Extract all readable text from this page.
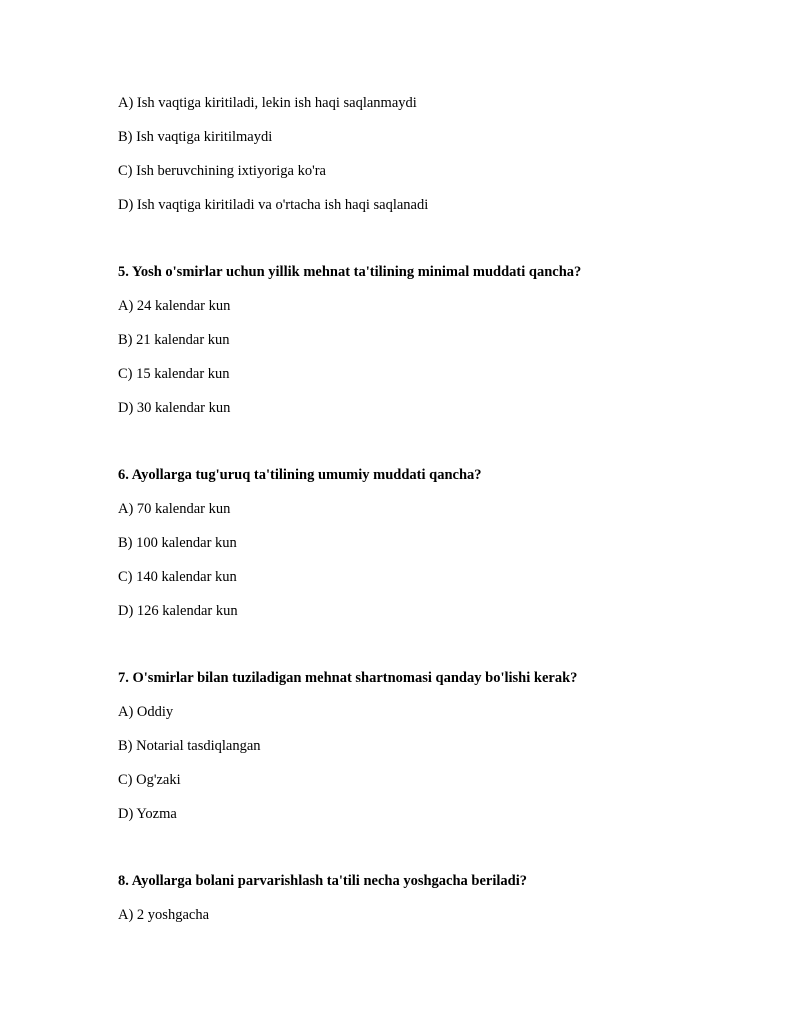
A) Ish vaqtiga kiritiladi, lekin ish haqi saqlanmaydi
B) Ish vaqtiga kiritilmaydi
C) Ish beruvchining ixtiyoriga ko'ra
D) Ish vaqtiga kiritiladi va o'rtacha ish haqi saqlanadi
5. Yosh o'smirlar uchun yillik mehnat ta'tilining minimal muddati qancha?
A) 24 kalendar kun
B) 21 kalendar kun
C) 15 kalendar kun
D) 30 kalendar kun
6. Ayollarga tug'uruq ta'tilining umumiy muddati qancha?
A) 70 kalendar kun
B) 100 kalendar kun
C) 140 kalendar kun
D) 126 kalendar kun
7. O'smirlar bilan tuziladigan mehnat shartnomasi qanday bo'lishi kerak?
A) Oddiy
B) Notarial tasdiqlangan
C) Og'zaki
D) Yozma
8. Ayollarga bolani parvarishlash ta'tili necha yoshgacha beriladi?
A) 2 yoshgacha
